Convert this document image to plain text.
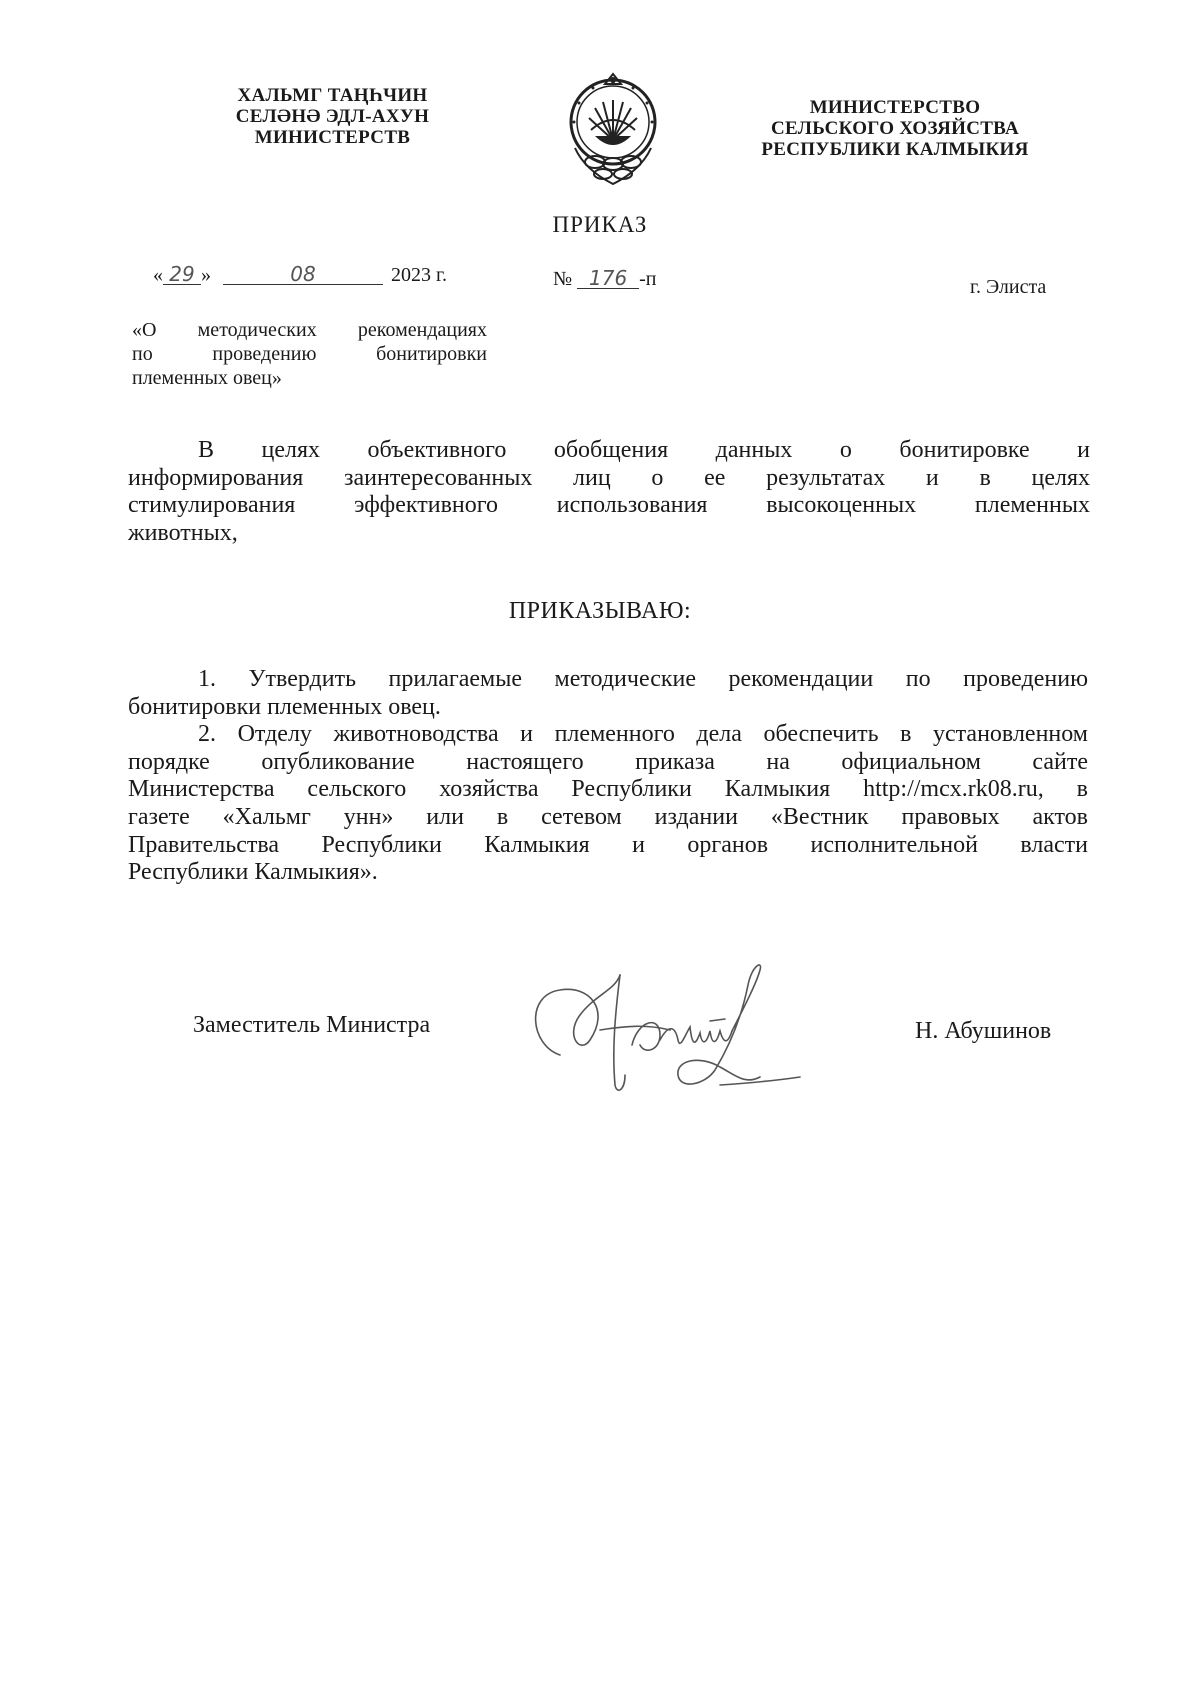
ХАЛЬМГ ТАҢҺЧИН
СЕЛӘНӘ ЭДЛ-АХУН
МИНИСТЕРСТВ
МИНИСТЕРСТВО
СЕЛЬСКОГО ХОЗЯЙСТВА
РЕСПУБЛИКИ КАЛМЫКИЯ
ПРИКАЗ
« 29 »	08	2023 г.	№ 176 -п	г. Элиста
«О методических рекомендациях
по проведению бонитировки
племенных овец»
В целях объективного обобщения данных о бонитировке и
информирования заинтересованных лиц о ее результатах и в целях
стимулирования эффективного использования высокоценных племенных
животных,
ПРИКАЗЫВАЮ:
1. Утвердить прилагаемые методические рекомендации по проведению
бонитировки племенных овец.
2. Отделу животноводства и племенного дела обеспечить в установленном
порядке опубликование настоящего приказа на официальном сайте
Министерства сельского хозяйства Республики Калмыкия http://mcx.rk08.ru, в
газете «Хальмг унн» или в сетевом издании «Вестник правовых актов
Правительства Республики Калмыкия и органов исполнительной власти
Республики Калмыкия».
Заместитель Министра	Н. Абушинов
